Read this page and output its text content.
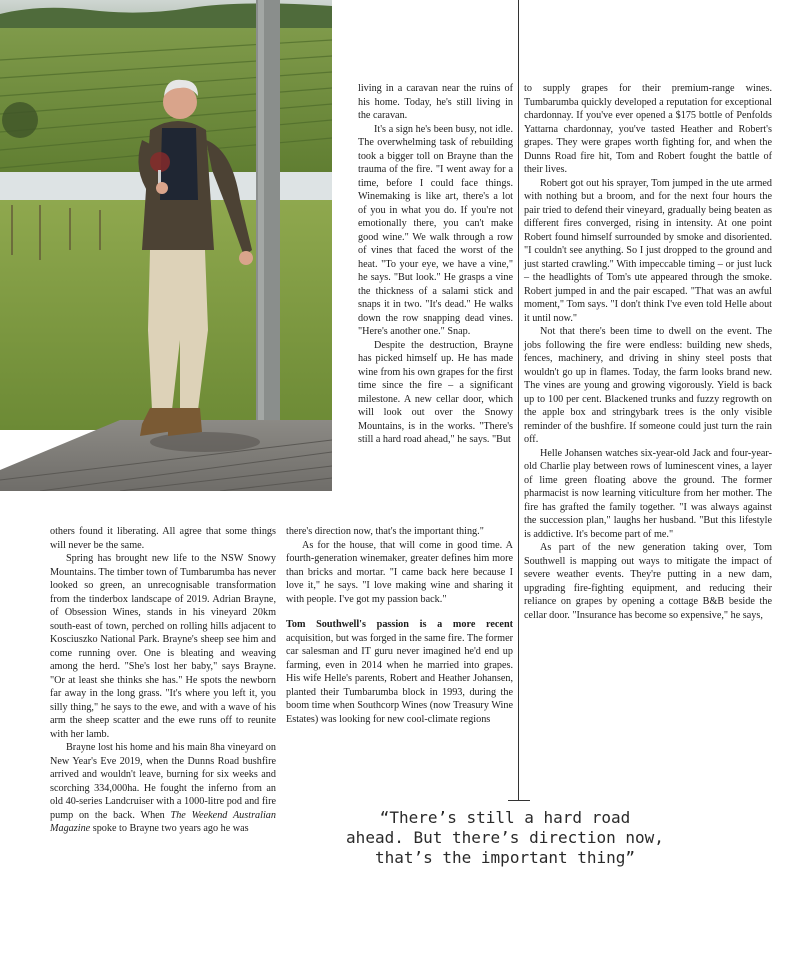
living in a caravan near the ruins of his home. Today, he's still living in the caravan.

It's a sign he's been busy, not idle. The overwhelming task of rebuilding took a bigger toll on Brayne than the trauma of the fire. "I went away for a time, before I could face things. Winemaking is like art, there's a lot of you in what you do. If you're not emotionally there, you can't make good wine." We walk through a row of vines that faced the worst of the heat. "To your eye, we have a vine," he says. "But look." He grasps a vine the thickness of a salami stick and snaps it in two. "It's dead." He walks down the row snapping dead vines. "Here's another one." Snap.

Despite the destruction, Brayne has picked himself up. He has made wine from his own grapes for the first time since the fire – a significant milestone. A new cellar door, which will look out over the Snowy Mountains, is in the works. "There's still a hard road ahead," he says. "But

others found it liberating. All agree that some things will never be the same.

Spring has brought new life to the NSW Snowy Mountains. The timber town of Tumbarumba has never looked so green, an unrecognisable transformation from the tinderbox landscape of 2019. Adrian Brayne, of Obsession Wines, stands in his vineyard 20km south-east of town, perched on rolling hills adjacent to Kosciuszko National Park. Brayne's sheep see him and come running over. One is bleating and weaving among the herd. "She's lost her baby," says Brayne. "Or at least she thinks she has." He spots the newborn far away in the long grass. "It's where you left it, you silly thing," he says to the ewe, and with a wave of his arm the sheep scatter and the ewe runs off to reunite with her lamb.

Brayne lost his home and his main 8ha vineyard on New Year's Eve 2019, when the Dunns Road bushfire arrived and wouldn't leave, burning for six weeks and scorching 334,000ha. He fought the inferno from an old 40-series Landcruiser with a 1000-litre pod and fire pump on the back. When The Weekend Australian Magazine spoke to Brayne two years ago he was

there's direction now, that's the important thing."

As for the house, that will come in good time. A fourth-generation winemaker, greater defines him more than bricks and mortar. "I came back here because I love it," he says. "I love making wine and sharing it with people. I've got my passion back."

Tom Southwell's passion is a more recent acquisition, but was forged in the same fire. The former car salesman and IT guru never imagined he'd end up farming, even in 2014 when he married into grapes. His wife Helle's parents, Robert and Heather Johansen, planted their Tumbarumba block in 1993, during the boom time when Southcorp Wines (now Treasury Wine Estates) was looking for new cool-climate regions

to supply grapes for their premium-range wines. Tumbarumba quickly developed a reputation for exceptional chardonnay. If you've ever opened a $175 bottle of Penfolds Yattarna chardonnay, you've tasted Heather and Robert's grapes. They were grapes worth fighting for, and when the Dunns Road fire hit, Tom and Robert fought the battle of their lives.

Robert got out his sprayer, Tom jumped in the ute armed with nothing but a broom, and for the next four hours the pair tried to defend their vineyard, gradually being beaten as different fires converged, rising in intensity. At one point Robert found himself surrounded by smoke and disoriented. "I couldn't see anything. So I just dropped to the ground and just started crawling." With impeccable timing – or just luck – the headlights of Tom's ute appeared through the smoke. Robert jumped in and the pair escaped. "That was an awful moment," Tom says. "I don't think I've even told Helle about it until now."

Not that there's been time to dwell on the event. The jobs following the fire were endless: building new sheds, fences, machinery, and driving in shiny steel posts that wouldn't go up in flames. Today, the farm looks brand new. The vines are young and growing vigorously. Yield is back up to 100 per cent. Blackened trunks and fuzzy regrowth on the apple box and stringybark trees is the only visible reminder of the bushfire. If someone could just turn the rain off.

Helle Johansen watches six-year-old Jack and four-year-old Charlie play between rows of luminescent vines, a layer of lime green floating above the ground. The former pharmacist is now learning viticulture from her mother. The fire has grafted the family together. "I was always against the succession plan," laughs her husband. "But this lifestyle is addictive. It's become part of me."

As part of the new generation taking over, Tom Southwell is mapping out ways to mitigate the impact of severe weather events. They're putting in a new dam, upgrading fire-fighting equipment, and reducing their reliance on grapes by opening a cottage B&B beside the cellar door. "Insurance has become so expensive," he says,

“There’s still a hard road
ahead. But there’s direction now,
that’s the important thing”
